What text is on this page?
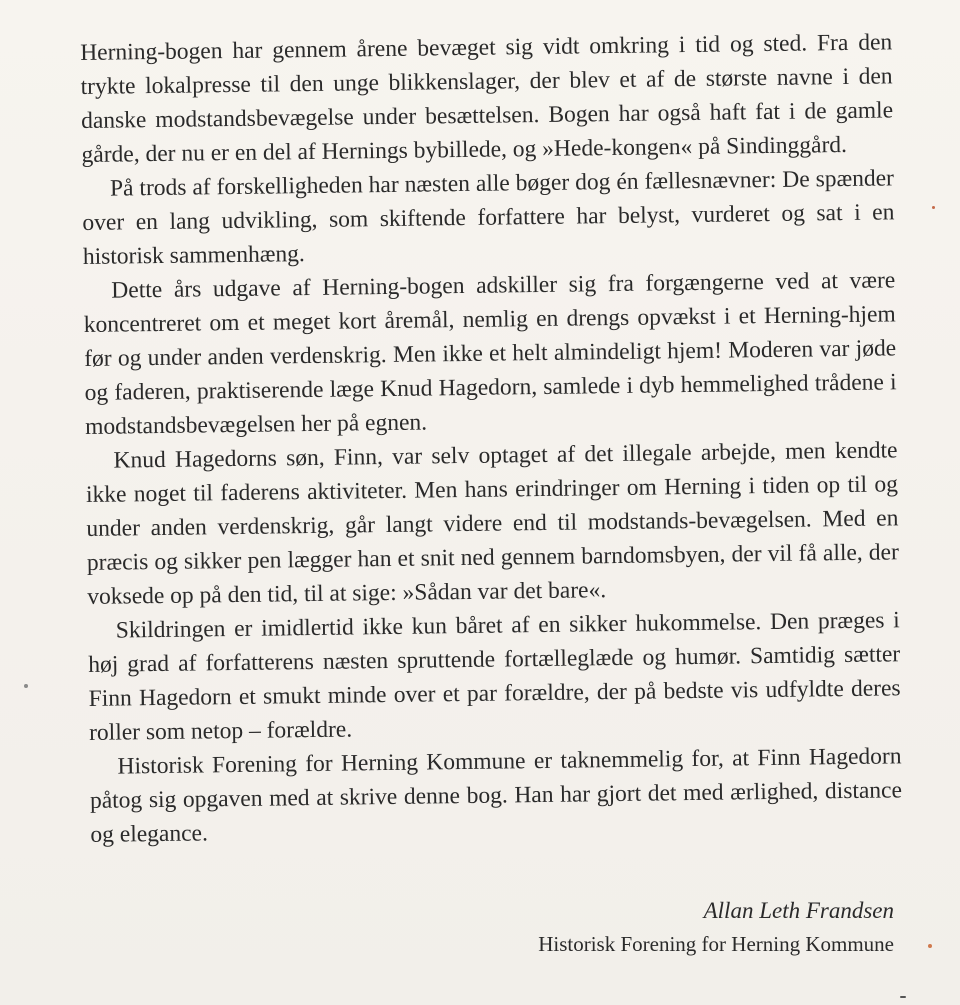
Herning-bogen har gennem årene bevæget sig vidt omkring i tid og sted. Fra den trykte lokalpresse til den unge blikkenslager, der blev et af de største navne i den danske modstandsbevægelse under besættelsen. Bogen har også haft fat i de gamle gårde, der nu er en del af Hernings bybillede, og »Hede-kongen« på Sindinggård.

På trods af forskelligheden har næsten alle bøger dog én fællesnævner: De spænder over en lang udvikling, som skiftende forfattere har belyst, vurderet og sat i en historisk sammenhæng.

Dette års udgave af Herning-bogen adskiller sig fra forgængerne ved at være koncentreret om et meget kort åremål, nemlig en drengs opvækst i et Herning-hjem før og under anden verdenskrig. Men ikke et helt almindeligt hjem! Moderen var jøde og faderen, praktiserende læge Knud Hagedorn, samlede i dyb hemmelighed trådene i modstandsbevægelsen her på egnen.

Knud Hagedorns søn, Finn, var selv optaget af det illegale arbejde, men kendte ikke noget til faderens aktiviteter. Men hans erindringer om Herning i tiden op til og under anden verdenskrig, går langt videre end til modstands-bevægelsen. Med en præcis og sikker pen lægger han et snit ned gennem barndomsbyen, der vil få alle, der voksede op på den tid, til at sige: »Sådan var det bare«.

Skildringen er imidlertid ikke kun båret af en sikker hukommelse. Den præges i høj grad af forfatterens næsten spruttende fortælleglæde og humør. Samtidig sætter Finn Hagedorn et smukt minde over et par forældre, der på bedste vis udfyldte deres roller som netop – forældre.

Historisk Forening for Herning Kommune er taknemmelig for, at Finn Hagedorn påtog sig opgaven med at skrive denne bog. Han har gjort det med ærlighed, distance og elegance.

Allan Leth Frandsen
Historisk Forening for Herning Kommune
